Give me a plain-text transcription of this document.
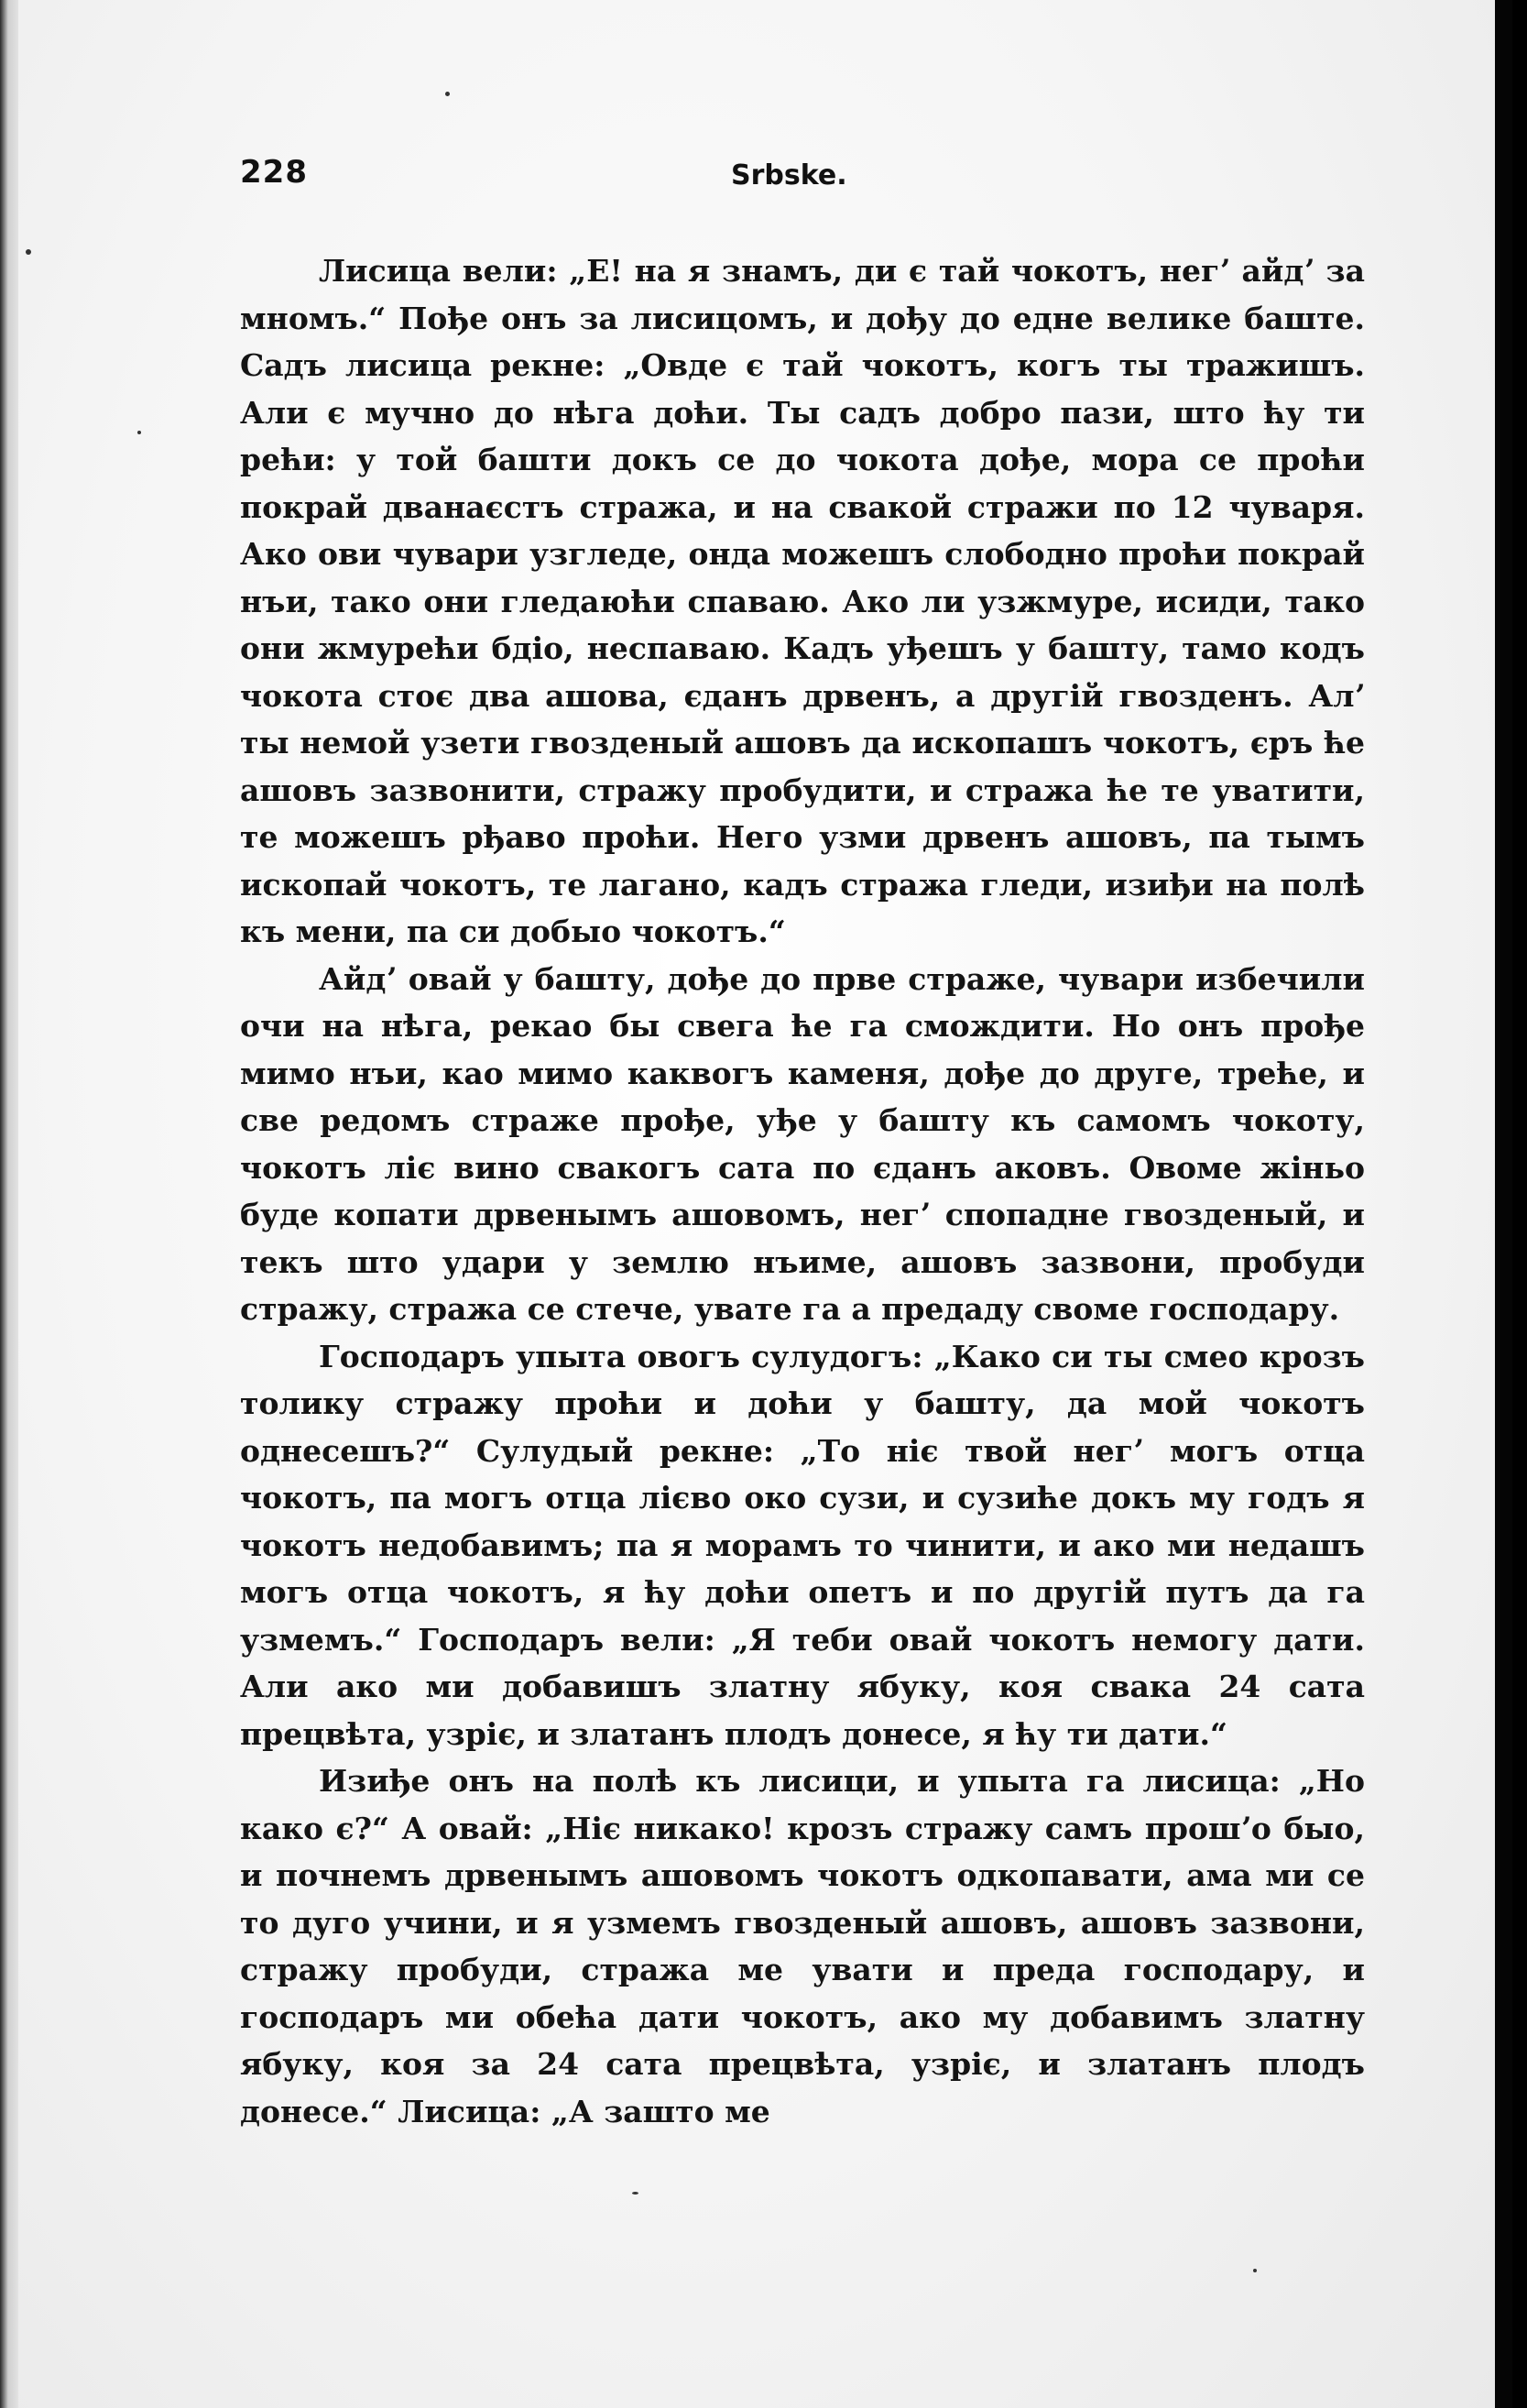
228	Srbske.

Лисица вели: „Е! на я знамъ, ди є тай чокотъ, негʼ айдʼ за мномъ.“ Пође онъ за лисицомъ, и дођу до едне велике баште. Садъ лисица рекне: „Овде є тай чокотъ, когъ ты тражишъ. Али є мучно до нѣга доћи. Ты садъ добро пази, што ћу ти рећи: у той башти докъ се до чокота дође, мора се проћи покрай дванаєстъ стража, и на свакой стражи по 12 чуваря. Ако ови чувари узгледе, онда можешъ слободно проћи покрай нъи, тако они гледаюћи спаваю. Ако ли узжмуре, исиди, тако они жмурећи бдіо, неспаваю. Кадъ уђешъ у башту, тамо кодъ чокота стоє два ашова, єданъ дрвенъ, а другій гвозденъ. Алʼ ты немой узети гвозденый ашовъ да ископашъ чокотъ, єръ ће ашовъ зазвонити, стражу пробудити, и стража ће те уватити, те можешъ рђаво проћи. Него узми дрвенъ ашовъ, па тымъ ископай чокотъ, те лагано, кадъ стража гледи, изиђи на полѣ къ мени, па си добыо чокотъ.“

Айдʼ овай у башту, дође до прве страже, чувари избечили очи на нѣга, рекао бы свега ће га смождити. Но онъ прође мимо нъи, као мимо каквогъ каменя, дође до друге, треће, и све редомъ страже прође, уђе у башту къ самомъ чокоту, чокотъ ліє вино свакогъ сата по єданъ аковъ. Овоме жіньо буде копати дрвенымъ ашовомъ, негʼ спопадне гвозденый, и текъ што удари у землю нъиме, ашовъ зазвони, пробуди стражу, стража се стече, увате га а предаду своме господару.

Господаръ упыта овогъ сулудогъ: „Како си ты смео крозъ толику стражу проћи и доћи у башту, да мой чокотъ однесешъ?“ Сулудый рекне: „То ніє твой негʼ могъ отца чокотъ, па могъ отца лієво око сузи, и сузиће докъ му годъ я чокотъ недобавимъ; па я морамъ то чинити, и ако ми недашъ могъ отца чокотъ, я ћу доћи опетъ и по другій путъ да га узмемъ.“ Господаръ вели: „Я теби овай чокотъ немогу дати. Али ако ми добавишъ златну ябуку, коя свака 24 сата прецвѣта, узріє, и златанъ плодъ донесе, я ћу ти дати.“

Изиђе онъ на полѣ къ лисици, и упыта га лисица: „Но како є?“ А овай: „Ніє никако! крозъ стражу самъ прошʼо быо, и почнемъ дрвенымъ ашовомъ чокотъ одкопавати, ама ми се то дуго учини, и я узмемъ гвозденый ашовъ, ашовъ зазвони, стражу пробуди, стража ме увати и преда господару, и господаръ ми обећа дати чокотъ, ако му добавимъ златну ябуку, коя за 24 сата прецвѣта, узріє, и златанъ плодъ донесе.“ Лисица: „А зашто ме
